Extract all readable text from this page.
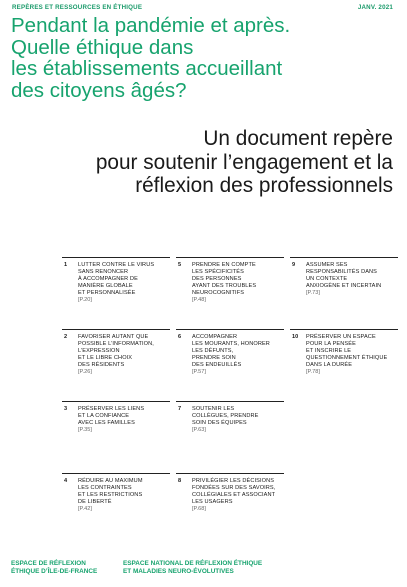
REPÈRES ET RESSOURCES EN ÉTHIQUE	JANV. 2021
Pendant la pandémie et après.
Quelle éthique dans
les établissements accueillant
des citoyens âgés?
Un document repère
pour soutenir l’engagement et la
réflexion des professionnels
1 LUTTER CONTRE LE VIRUS
SANS RENONCER
À ACCOMPAGNER DE
MANIÈRE GLOBALE
ET PERSONNALISÉE
[P.20]
5 PRENDRE EN COMPTE
LES SPÉCIFICITÉS
DES PERSONNES
AYANT DES TROUBLES
NEUROCOGNITIFS
[P.48]
9 ASSUMER SES
RESPONSABILITÉS DANS
UN CONTEXTE
ANXIOGÈNE ET INCERTAIN
[P.73]
2 FAVORISER AUTANT QUE
POSSIBLE L’INFORMATION,
L’EXPRESSION
ET LE LIBRE CHOIX
DES RÉSIDENTS
[P.26]
6 ACCOMPAGNER
LES MOURANTS, HONORER
LES DÉFUNTS,
PRENDRE SOIN
DES ENDEUILLÉS
[P.57]
10 PRÉSERVER UN ESPACE
POUR LA PENSÉE
ET INSCRIRE LE
QUESTIONNEMENT ÉTHIQUE
DANS LA DURÉE
[P.78]
3 PRÉSERVER LES LIENS
ET LA CONFIANCE
AVEC LES FAMILLES
[P.35]
7 SOUTENIR LES
COLLÈGUES, PRENDRE
SOIN DES ÉQUIPES
[P.63]
4 RÉDUIRE AU MAXIMUM
LES CONTRAINTES
ET LES RESTRICTIONS
DE LIBERTÉ
[P.42]
8 PRIVILÉGIER LES DÉCISIONS
FONDÉES SUR DES SAVOIRS,
COLLÉGIALES ET ASSOCIANT
LES USAGERS
[P.68]
ESPACE DE RÉFLEXION
ÉTHIQUE D’ÎLE-DE-FRANCE
ESPACE NATIONAL DE RÉFLEXION ÉTHIQUE
ET MALADIES NEURO-ÉVOLUTIVES
